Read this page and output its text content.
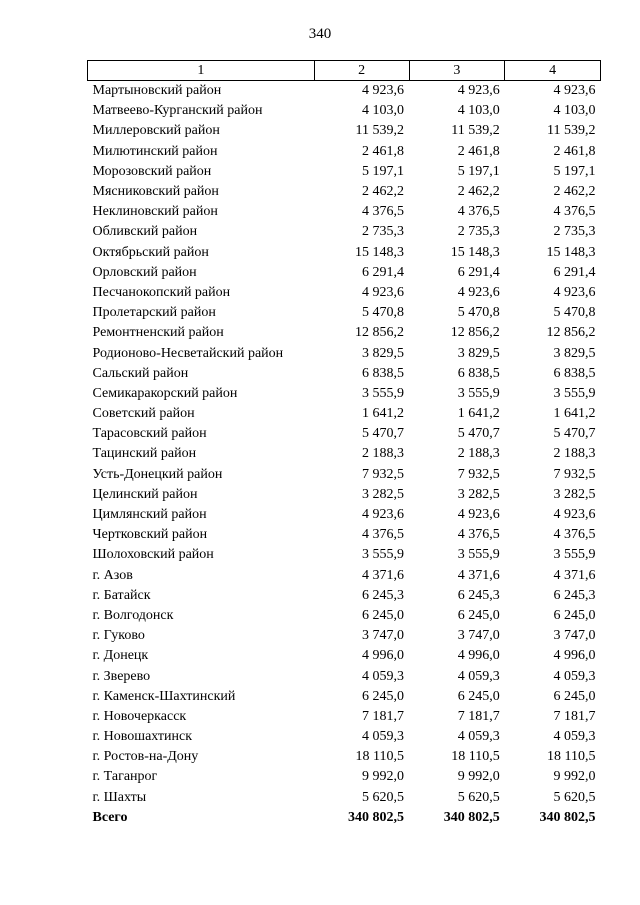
340
1	2	3	4
Мартыновский район	4 923,6	4 923,6	4 923,6
Матвеево-Курганский район	4 103,0	4 103,0	4 103,0
Миллеровский район	11 539,2	11 539,2	11 539,2
Милютинский район	2 461,8	2 461,8	2 461,8
Морозовский район	5 197,1	5 197,1	5 197,1
Мясниковский район	2 462,2	2 462,2	2 462,2
Неклиновский район	4 376,5	4 376,5	4 376,5
Обливский район	2 735,3	2 735,3	2 735,3
Октябрьский район	15 148,3	15 148,3	15 148,3
Орловский район	6 291,4	6 291,4	6 291,4
Песчанокопский район	4 923,6	4 923,6	4 923,6
Пролетарский район	5 470,8	5 470,8	5 470,8
Ремонтненский район	12 856,2	12 856,2	12 856,2
Родионово-Несветайский район	3 829,5	3 829,5	3 829,5
Сальский район	6 838,5	6 838,5	6 838,5
Семикаракорский район	3 555,9	3 555,9	3 555,9
Советский район	1 641,2	1 641,2	1 641,2
Тарасовский район	5 470,7	5 470,7	5 470,7
Тацинский район	2 188,3	2 188,3	2 188,3
Усть-Донецкий район	7 932,5	7 932,5	7 932,5
Целинский район	3 282,5	3 282,5	3 282,5
Цимлянский район	4 923,6	4 923,6	4 923,6
Чертковский район	4 376,5	4 376,5	4 376,5
Шолоховский район	3 555,9	3 555,9	3 555,9
г. Азов	4 371,6	4 371,6	4 371,6
г. Батайск	6 245,3	6 245,3	6 245,3
г. Волгодонск	6 245,0	6 245,0	6 245,0
г. Гуково	3 747,0	3 747,0	3 747,0
г. Донецк	4 996,0	4 996,0	4 996,0
г. Зверево	4 059,3	4 059,3	4 059,3
г. Каменск-Шахтинский	6 245,0	6 245,0	6 245,0
г. Новочеркасск	7 181,7	7 181,7	7 181,7
г. Новошахтинск	4 059,3	4 059,3	4 059,3
г. Ростов-на-Дону	18 110,5	18 110,5	18 110,5
г. Таганрог	9 992,0	9 992,0	9 992,0
г. Шахты	5 620,5	5 620,5	5 620,5
Всего	340 802,5	340 802,5	340 802,5
